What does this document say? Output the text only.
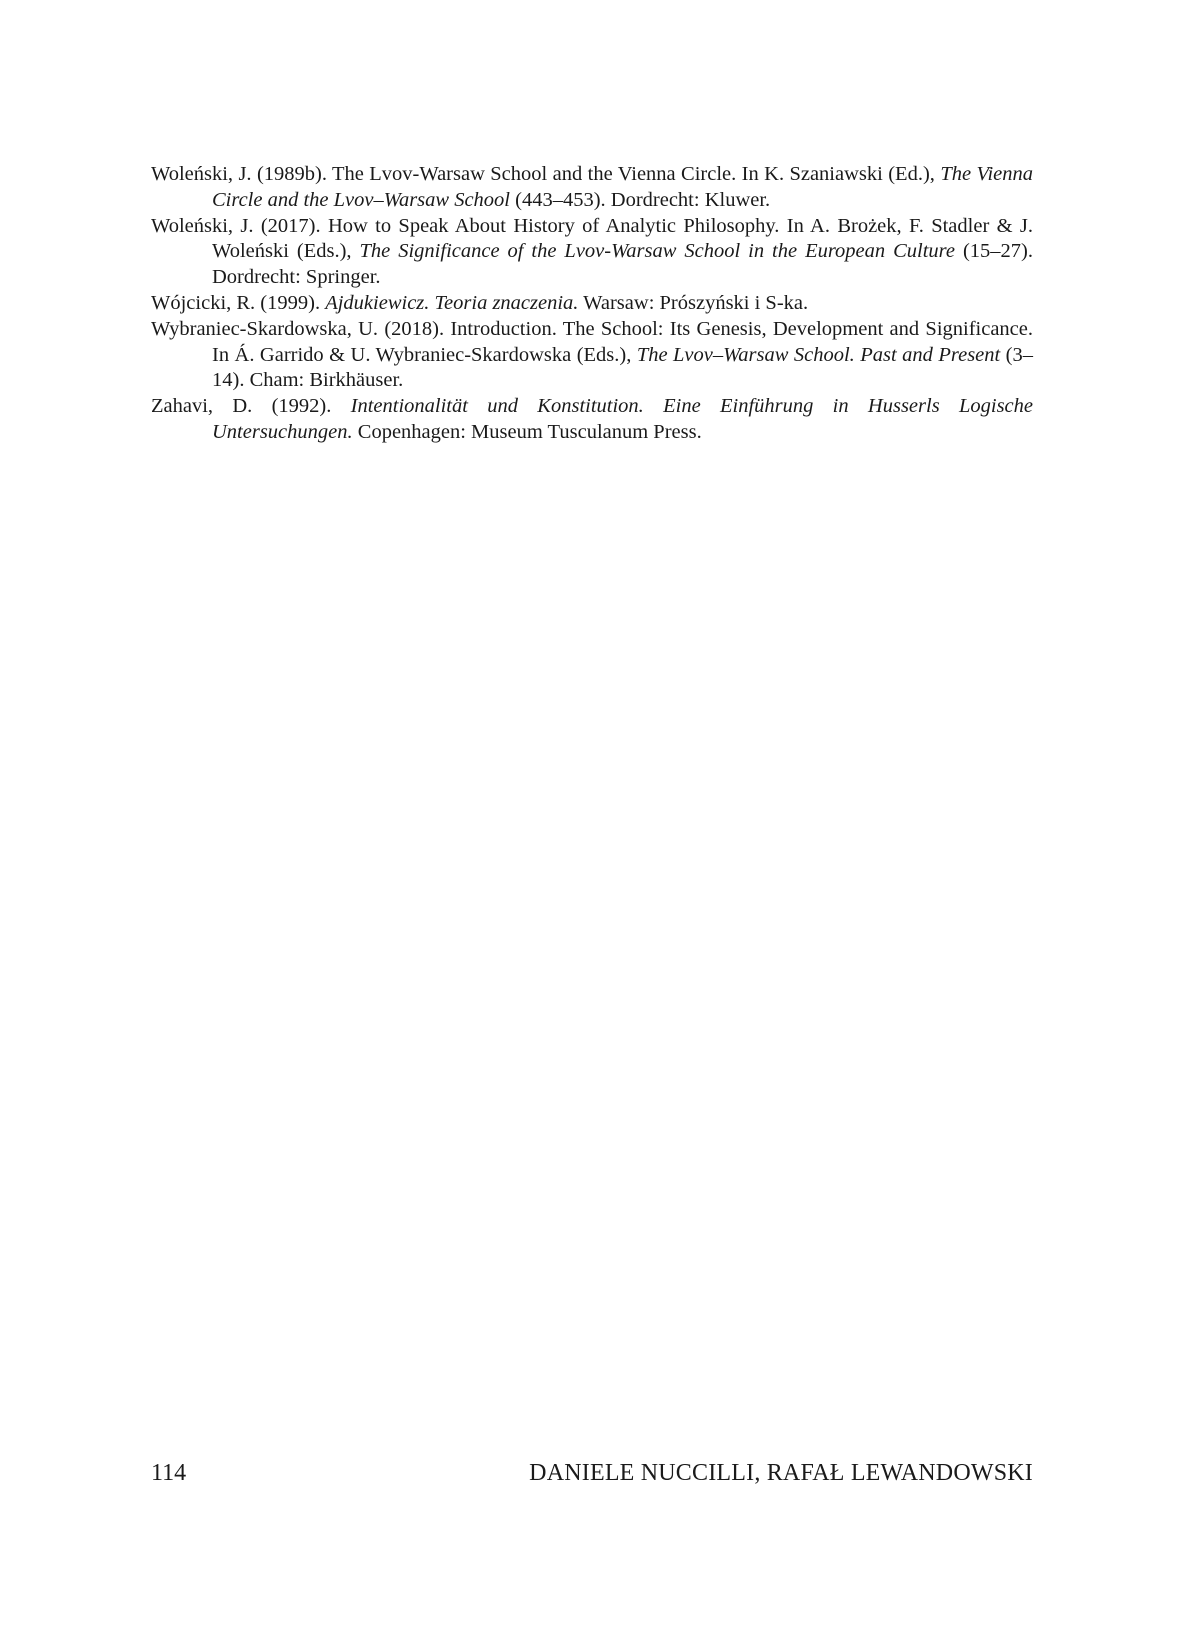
Woleński, J. (1989b). The Lvov-Warsaw School and the Vienna Circle. In K. Szaniawski (Ed.), The Vienna Circle and the Lvov–Warsaw School (443–453). Dordrecht: Kluwer.

Woleński, J. (2017). How to Speak About History of Analytic Philosophy. In A. Brożek, F. Stadler & J. Woleński (Eds.), The Significance of the Lvov-Warsaw School in the European Culture (15–27). Dordrecht: Springer.

Wójcicki, R. (1999). Ajdukiewicz. Teoria znaczenia. Warsaw: Prószyński i S-ka.

Wybraniec-Skardowska, U. (2018). Introduction. The School: Its Genesis, Development and Significance. In Á. Garrido & U. Wybraniec-Skardowska (Eds.), The Lvov–Warsaw School. Past and Present (3–14). Cham: Birkhäuser.

Zahavi, D. (1992). Intentionalität und Konstitution. Eine Einführung in Husserls Logische Untersuchungen. Copenhagen: Museum Tusculanum Press.

114	DANIELE NUCCILLI, RAFAŁ LEWANDOWSKI
